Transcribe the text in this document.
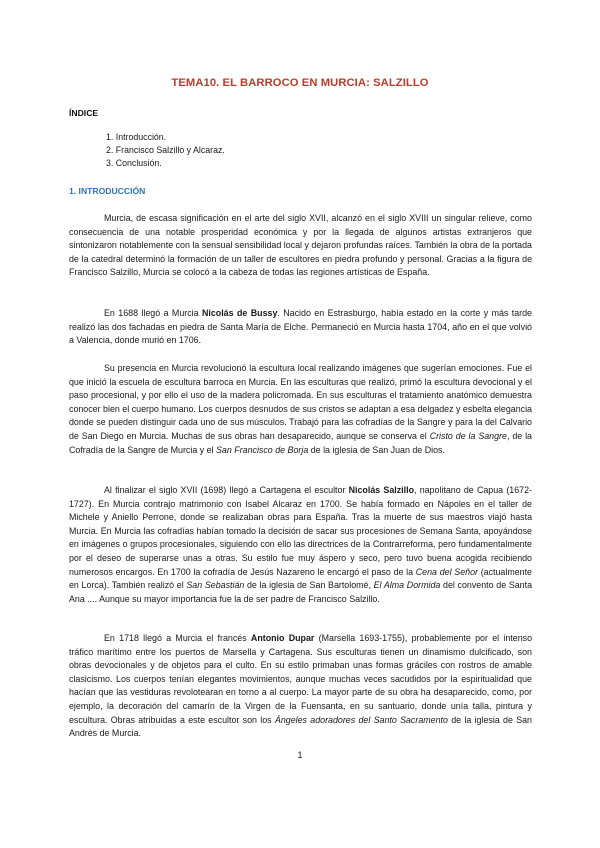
TEMA10. EL BARROCO EN MURCIA: SALZILLO
ÍNDICE
1. Introducción.
2. Francisco Salzillo y Alcaraz.
3. Conclusión.
1. INTRODUCCIÓN

Murcia, de escasa significación en el arte del siglo XVII, alcanzó en el siglo XVIII un singular relieve, como consecuencia de una notable prosperidad económica y por la llegada de algunos artistas extranjeros que sintonizaron notablemente con la sensual sensibilidad local y dejaron profundas raíces. También la obra de la portada de la catedral determinó la formación de un taller de escultores en piedra profundo y personal. Gracias a la figura de Francisco Salzillo, Murcia se colocó a la cabeza de todas las regiones artísticas de España.

En 1688 llegó a Murcia Nicolás de Bussy. Nacido en Estrasburgo, había estado en la corte y más tarde realizó las dos fachadas en piedra de Santa María de Elche. Permaneció en Murcia hasta 1704, año en el que volvió a Valencia, donde murió en 1706.

Su presencia en Murcia revolucionó la escultura local realizando imágenes que sugerían emociones. Fue el que inició la escuela de escultura barroca en Murcia. En las esculturas que realizó, primó la escultura devocional y el paso procesional, y por ello el uso de la madera policromada. En sus esculturas el tratamiento anatómico demuestra conocer bien el cuerpo humano. Los cuerpos desnudos de sus cristos se adaptan a esa delgadez y esbelta elegancia donde se pueden distinguir cada uno de sus músculos. Trabajó para las cofradías de la Sangre y para la del Calvario de San Diego en Murcia. Muchas de sus obras han desaparecido, aunque se conserva el Cristo de la Sangre, de la Cofradía de la Sangre de Murcia y el San Francisco de Borja de la iglesia de San Juan de Dios.

Al finalizar el siglo XVII (1698) llegó a Cartagena el escultor Nicolás Salzillo, napolitano de Capua (1672- 1727). En Murcia contrajo matrimonio con Isabel Alcaraz en 1700. Se había formado en Nápoles en el taller de Michele y Aniello Perrone, donde se realizaban obras para España. Tras la muerte de sus maestros viajó hasta Murcia. En Murcia las cofradías habían tomado la decisión de sacar sus procesiones de Semana Santa, apoyándose en imágenes o grupos procesionales, siguiendo con ello las directrices de la Contrarreforma, pero fundamentalmente por el deseo de superarse unas a otras. Su estilo fue muy áspero y seco, pero tuvo buena acogida recibiendo numerosos encargos. En 1700 la cofradía de Jesús Nazareno le encargó el paso de la Cena del Señor (actualmente en Lorca). También realizó el San Sebastián de la iglesia de San Bartolomé, El Alma Dormida del convento de Santa Ana .... Aunque su mayor importancia fue la de ser padre de Francisco Salzillo.

En 1718 llegó a Murcia el francés Antonio Dupar (Marsella 1693-1755), probablemente por el intenso tráfico marítimo entre los puertos de Marsella y Cartagena. Sus esculturas tienen un dinamismo dulcificado, son obras devocionales y de objetos para el culto. En su estilo primaban unas formas gráciles con rostros de amable clasicismo. Los cuerpos tenían elegantes movimientos, aunque muchas veces sacudidos por la espiritualidad que hacían que las vestiduras revolotearan en torno a al cuerpo. La mayor parte de su obra ha desaparecido, como, por ejemplo, la decoración del camarín de la Virgen de la Fuensanta, en su santuario, donde unía talla, pintura y escultura. Obras atribuidas a este escultor son los Ángeles adoradores del Santo Sacramento de la iglesia de San Andrés de Murcia.

1
